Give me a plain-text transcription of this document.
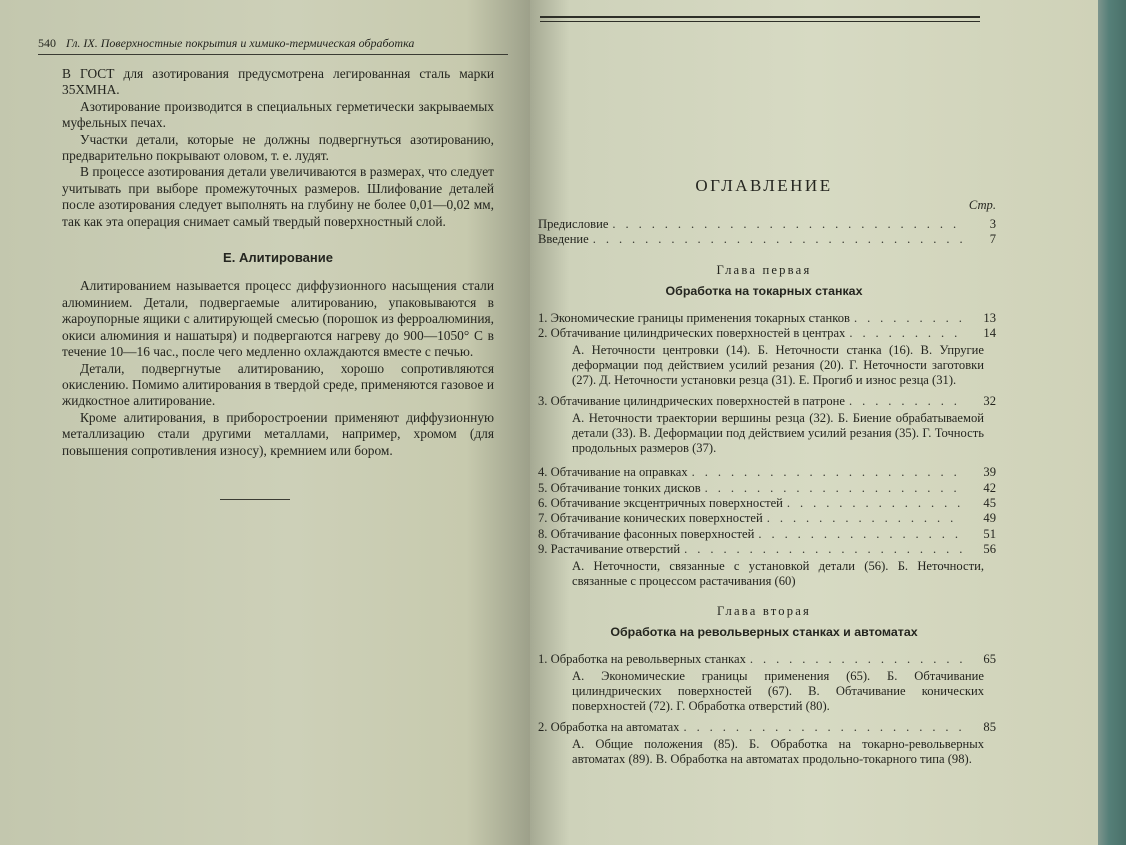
540 Гл. IX. Поверхностные покрытия и химико-термическая обработка

В ГОСТ для азотирования предусмотрена легированная сталь марки 35ХМНА.

Азотирование производится в специальных герметически закрываемых муфельных печах.

Участки детали, которые не должны подвергнуться азотированию, предварительно покрывают оловом, т. е. лудят.

В процессе азотирования детали увеличиваются в размерах, что следует учитывать при выборе промежуточных размеров. Шлифование деталей после азотирования следует выполнять на глубину не более 0,01—0,02 мм, так как эта операция снимает самый твердый поверхностный слой.

Е. Алитирование

Алитированием называется процесс диффузионного насыщения стали алюминием. Детали, подвергаемые алитированию, упаковываются в жароупорные ящики с алитирующей смесью (порошок из ферроалюминия, окиси алюминия и нашатыря) и подвергаются нагреву до 900—1050° С в течение 10—16 час., после чего медленно охлаждаются вместе с печью.

Детали, подвергнутые алитированию, хорошо сопротивляются окислению. Помимо алитирования в твердой среде, применяются газовое и жидкостное алитирование.

Кроме алитирования, в приборостроении применяют диффузионную металлизацию стали другими металлами, например, хромом (для повышения сопротивления износу), кремнием или бором.

ОГЛАВЛЕНИЕ
Стр.
Предисловие . . .	3
Введение . . .	7
Глава первая
Обработка на токарных станках
1. Экономические границы применения токарных станков . . .	13
2. Обтачивание цилиндрических поверхностей в центрах . . .	14
А. Неточности центровки (14). Б. Неточности станка (16). В. Упругие деформации под действием усилий резания (20). Г. Неточности заготовки (27). Д. Неточности установки резца (31). Е. Прогиб и износ резца (31).
3. Обтачивание цилиндрических поверхностей в патроне . . .	32
А. Неточности траектории вершины резца (32). Б. Биение обрабатываемой детали (33). В. Деформации под действием усилий резания (35). Г. Точность продольных размеров (37).
4. Обтачивание на оправках . . .	39
5. Обтачивание тонких дисков . . .	42
6. Обтачивание эксцентричных поверхностей . . .	45
7. Обтачивание конических поверхностей . . .	49
8. Обтачивание фасонных поверхностей . . .	51
9. Растачивание отверстий . . .	56
А. Неточности, связанные с установкой детали (56). Б. Неточности, связанные с процессом растачивания (60)
Глава вторая
Обработка на револьверных станках и автоматах
1. Обработка на револьверных станках . . .	65
А. Экономические границы применения (65). Б. Обтачивание цилиндрических поверхностей (67). В. Обтачивание конических поверхностей (72). Г. Обработка отверстий (80).
2. Обработка на автоматах . . .	85
А. Общие положения (85). Б. Обработка на токарно-револьверных автоматах (89). В. Обработка на автоматах продольно-токарного типа (98).
